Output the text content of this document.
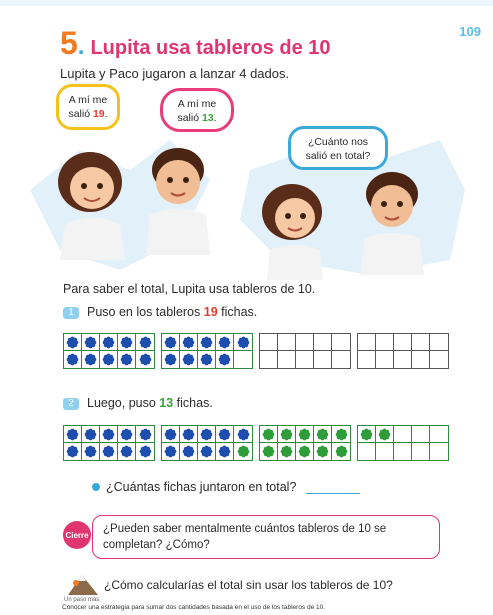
109
5 . Lupita usa tableros de 10
Lupita y Paco jugaron a lanzar 4 dados.
A mí me
salió 19.
A mí me
salió 13.
¿Cuánto nos
salió en total?
Para saber el total, Lupita usa tableros de 10.
1 Puso en los tableros 19 fichas.
2 Luego, puso 13 fichas.
¿Cuántas fichas juntaron en total?
Cierre
¿Pueden saber mentalmente cuántos tableros de 10 se
completan? ¿Cómo?
Un paso más
¿Cómo calcularías el total sin usar los tableros de 10?
Conocer una estrategia para sumar dos cantidades basada en el uso de los tableros de 10.
